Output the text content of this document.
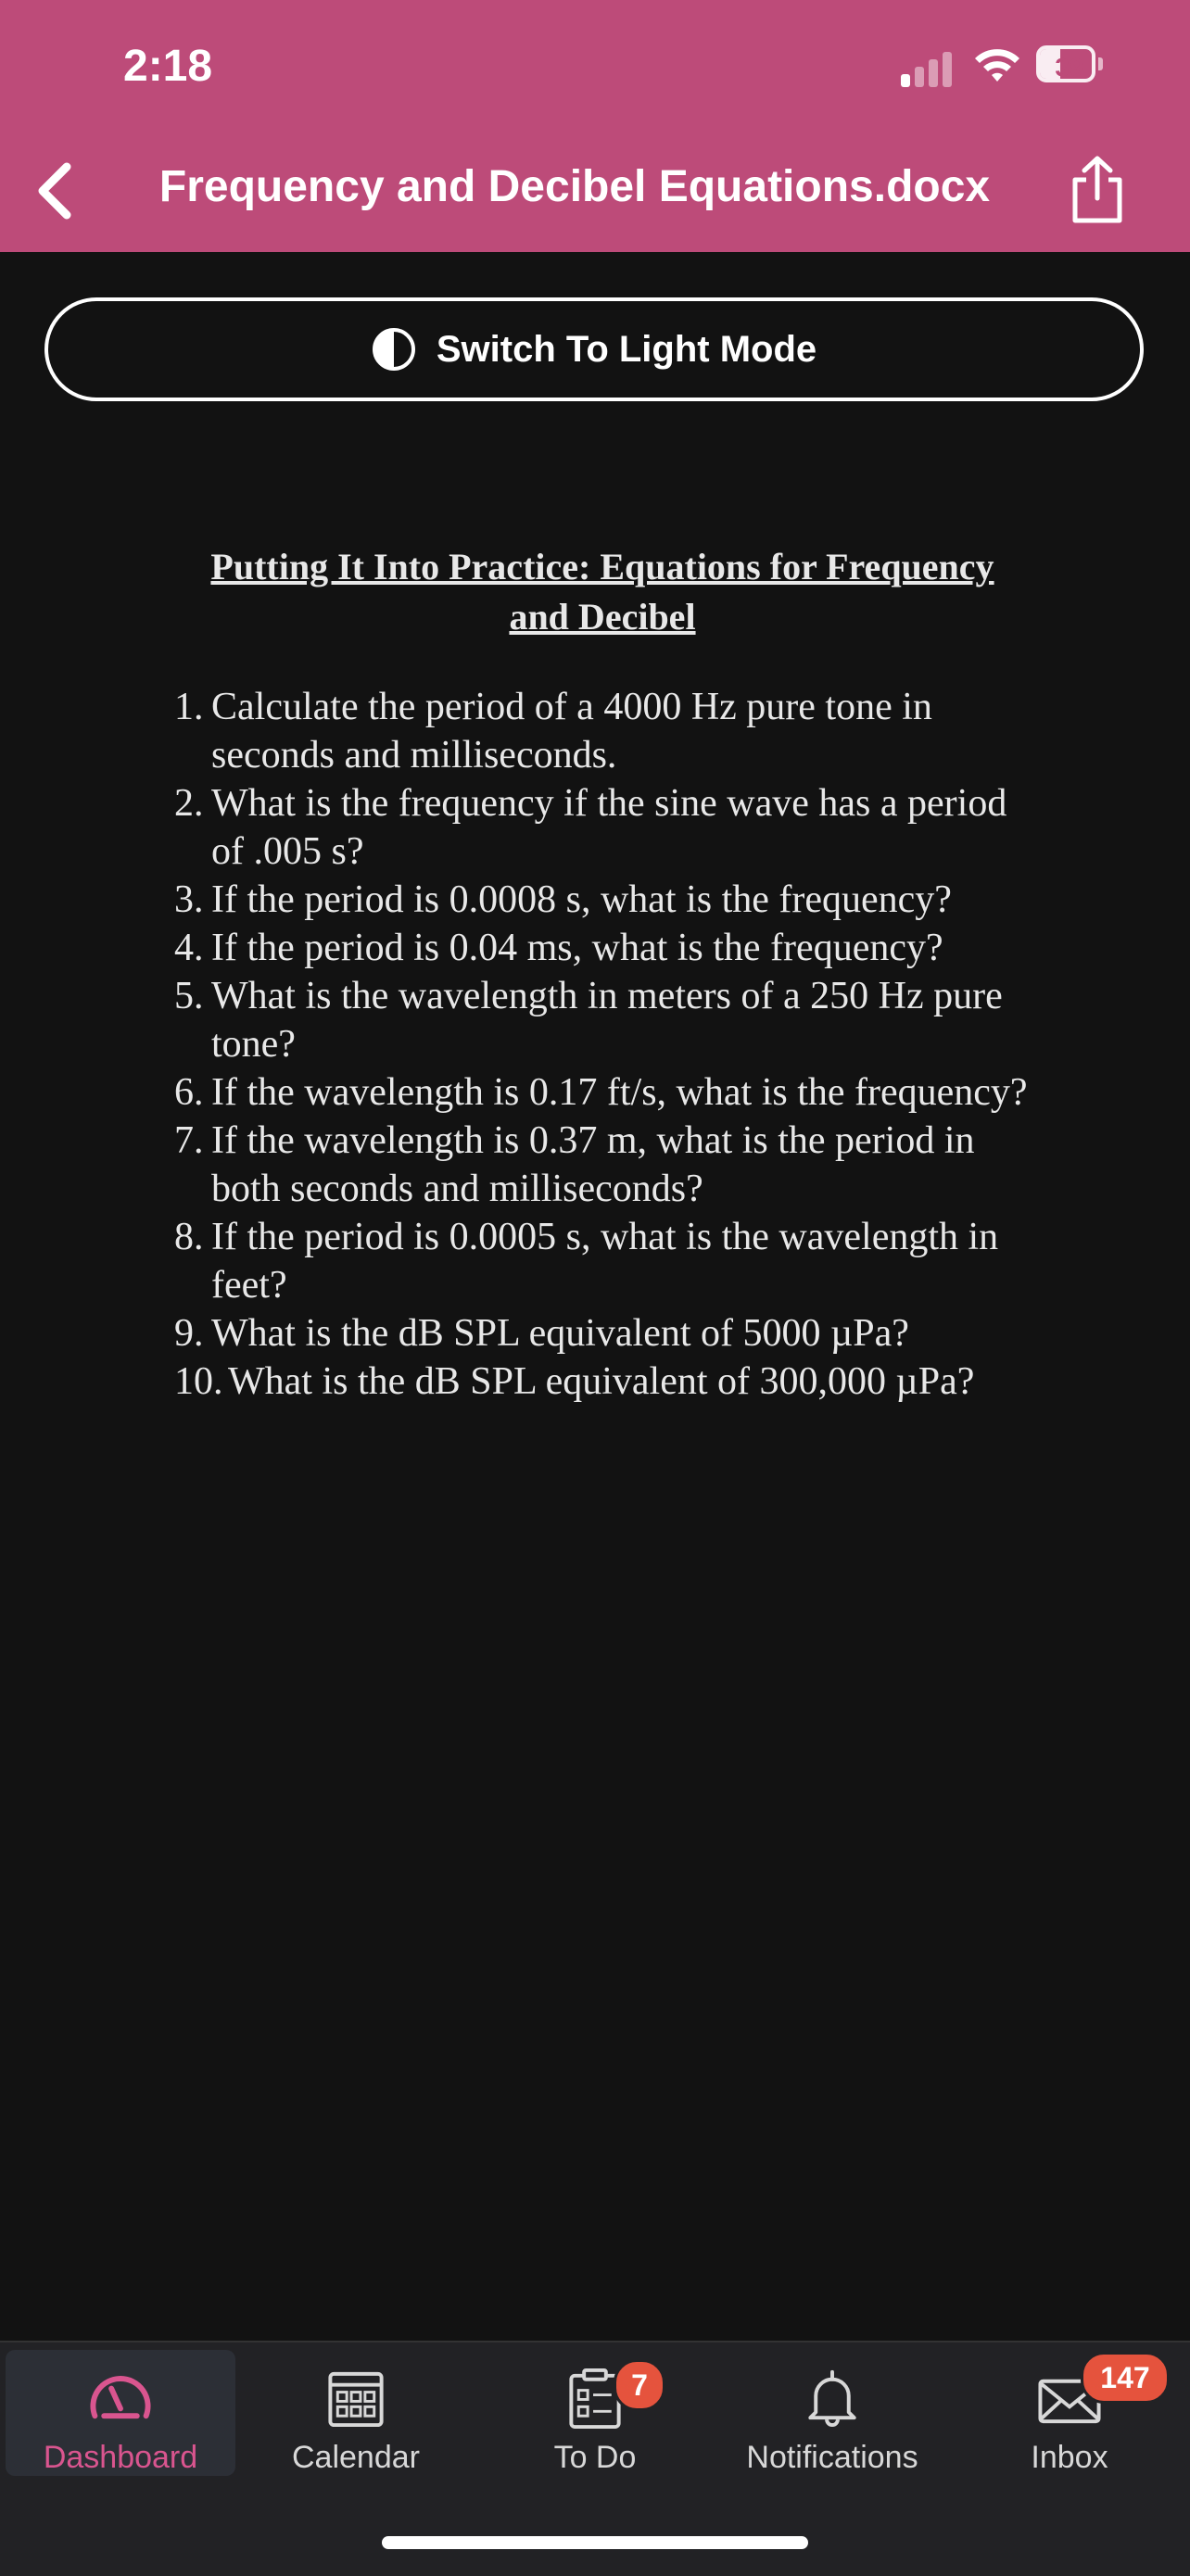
2:18	39
Frequency and Decibel Equations.docx
Switch To Light Mode
Putting It Into Practice: Equations for Frequency
and Decibel
1. Calculate the period of a 4000 Hz pure tone in seconds and milliseconds.
2. What is the frequency if the sine wave has a period of .005 s?
3. If the period is 0.0008 s, what is the frequency?
4. If the period is 0.04 ms, what is the frequency?
5. What is the wavelength in meters of a 250 Hz pure tone?
6. If the wavelength is 0.17 ft/s, what is the frequency?
7. If the wavelength is 0.37 m, what is the period in both seconds and milliseconds?
8. If the period is 0.0005 s, what is the wavelength in feet?
9. What is the dB SPL equivalent of 5000 µPa?
10. What is the dB SPL equivalent of 300,000 µPa?
Dashboard	Calendar	To Do
7
Notifications	Inbox
147
